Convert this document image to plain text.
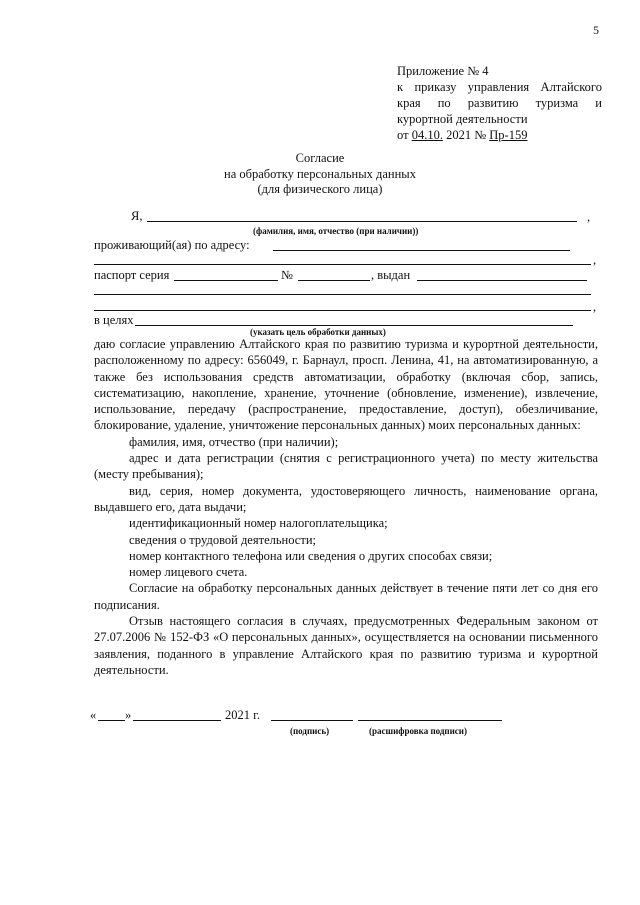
5
Приложение № 4
к приказу управления Алтайского
края по развитию туризма и
курортной деятельности
от 04.10. 2021 № Пр-159
Согласие
на обработку персональных данных
(для физического лица)
Я,	,
(фамилия, имя, отчество (при наличии))
проживающий(ая) по адресу:
,
паспорт серия	№	, выдан
,
в целях
(указать цель обработки данных)

даю согласие управлению Алтайского края по развитию туризма и курортной деятельности, расположенному по адресу: 656049, г. Барнаул, просп. Ленина, 41, на автоматизированную, а также без использования средств автоматизации, обработку (включая сбор, запись, систематизацию, накопление, хранение, уточнение (обновление, изменение), извлечение, использование, передачу (распространение, предоставление, доступ), обезличивание, блокирование, удаление, уничтожение персональных данных) моих персональных данных:

фамилия, имя, отчество (при наличии);

адрес и дата регистрации (снятия с регистрационного учета) по месту жительства (месту пребывания);

вид, серия, номер документа, удостоверяющего личность, наименование органа, выдавшего его, дата выдачи;

идентификационный номер налогоплательщика;

сведения о трудовой деятельности;

номер контактного телефона или сведения о других способах связи;

номер лицевого счета.

Согласие на обработку персональных данных действует в течение пяти лет со дня его подписания.

Отзыв настоящего согласия в случаях, предусмотренных Федеральным законом от 27.07.2006 № 152-ФЗ «О персональных данных», осуществляется на основании письменного заявления, поданного в управление Алтайского края по развитию туризма и курортной деятельности.

« »	2021 г.
(подпись)	(расшифровка подписи)
